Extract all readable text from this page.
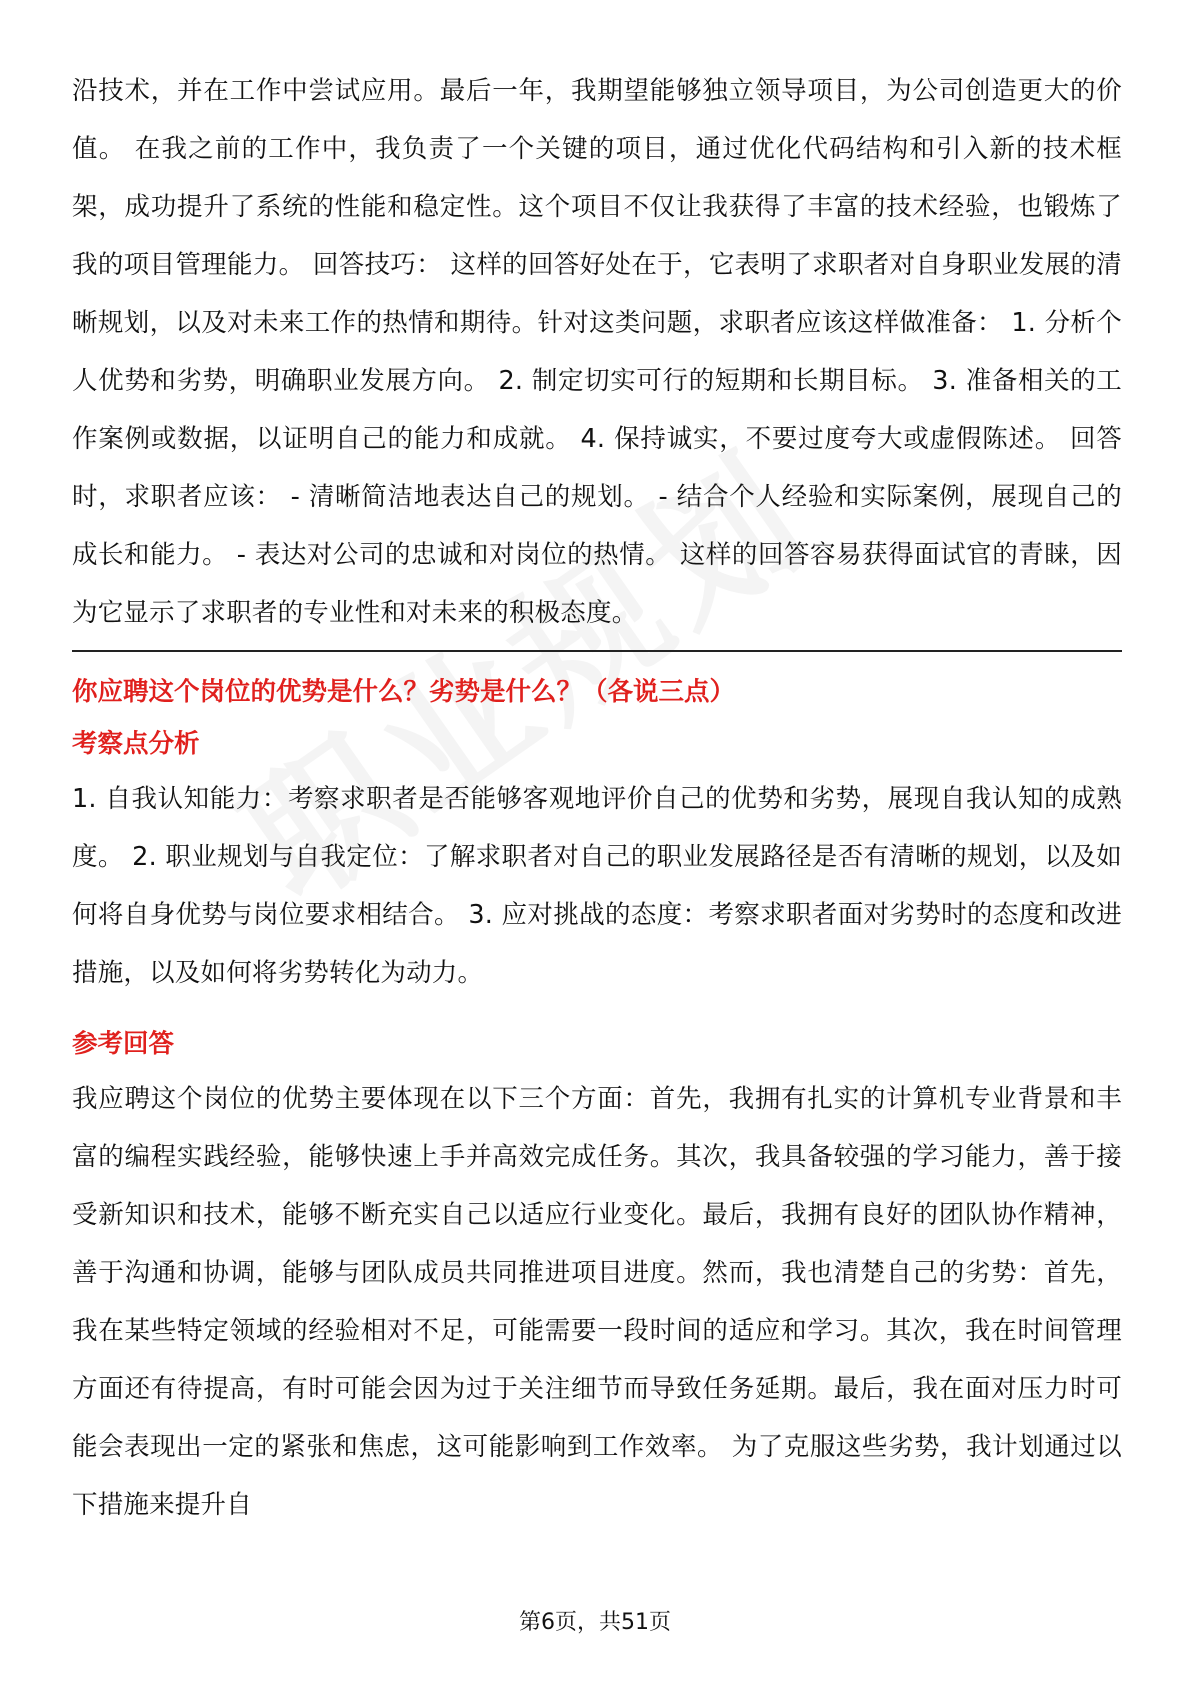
沿技术，并在工作中尝试应用。最后一年，我期望能够独立领导项目，为公司创造更大的价值。 在我之前的工作中，我负责了一个关键的项目，通过优化代码结构和引入新的技术框架，成功提升了系统的性能和稳定性。这个项目不仅让我获得了丰富的技术经验，也锻炼了我的项目管理能力。 回答技巧： 这样的回答好处在于，它表明了求职者对自身职业发展的清晰规划，以及对未来工作的热情和期待。针对这类问题，求职者应该这样做准备： 1. 分析个人优势和劣势，明确职业发展方向。 2. 制定切实可行的短期和长期目标。 3. 准备相关的工作案例或数据，以证明自己的能力和成就。 4. 保持诚实，不要过度夸大或虚假陈述。 回答时，求职者应该： - 清晰简洁地表达自己的规划。 - 结合个人经验和实际案例，展现自己的成长和能力。 - 表达对公司的忠诚和对岗位的热情。 这样的回答容易获得面试官的青睐，因为它显示了求职者的专业性和对未来的积极态度。

你应聘这个岗位的优势是什么？劣势是什么？（各说三点）

考察点分析

1. 自我认知能力：考察求职者是否能够客观地评价自己的优势和劣势，展现自我认知的成熟度。 2. 职业规划与自我定位：了解求职者对自己的职业发展路径是否有清晰的规划，以及如何将自身优势与岗位要求相结合。 3. 应对挑战的态度：考察求职者面对劣势时的态度和改进措施，以及如何将劣势转化为动力。

参考回答

我应聘这个岗位的优势主要体现在以下三个方面：首先，我拥有扎实的计算机专业背景和丰富的编程实践经验，能够快速上手并高效完成任务。其次，我具备较强的学习能力，善于接受新知识和技术，能够不断充实自己以适应行业变化。最后，我拥有良好的团队协作精神，善于沟通和协调，能够与团队成员共同推进项目进度。然而，我也清楚自己的劣势：首先，我在某些特定领域的经验相对不足，可能需要一段时间的适应和学习。其次，我在时间管理方面还有待提高，有时可能会因为过于关注细节而导致任务延期。最后，我在面对压力时可能会表现出一定的紧张和焦虑，这可能影响到工作效率。 为了克服这些劣势，我计划通过以下措施来提升自

第6页，共51页
